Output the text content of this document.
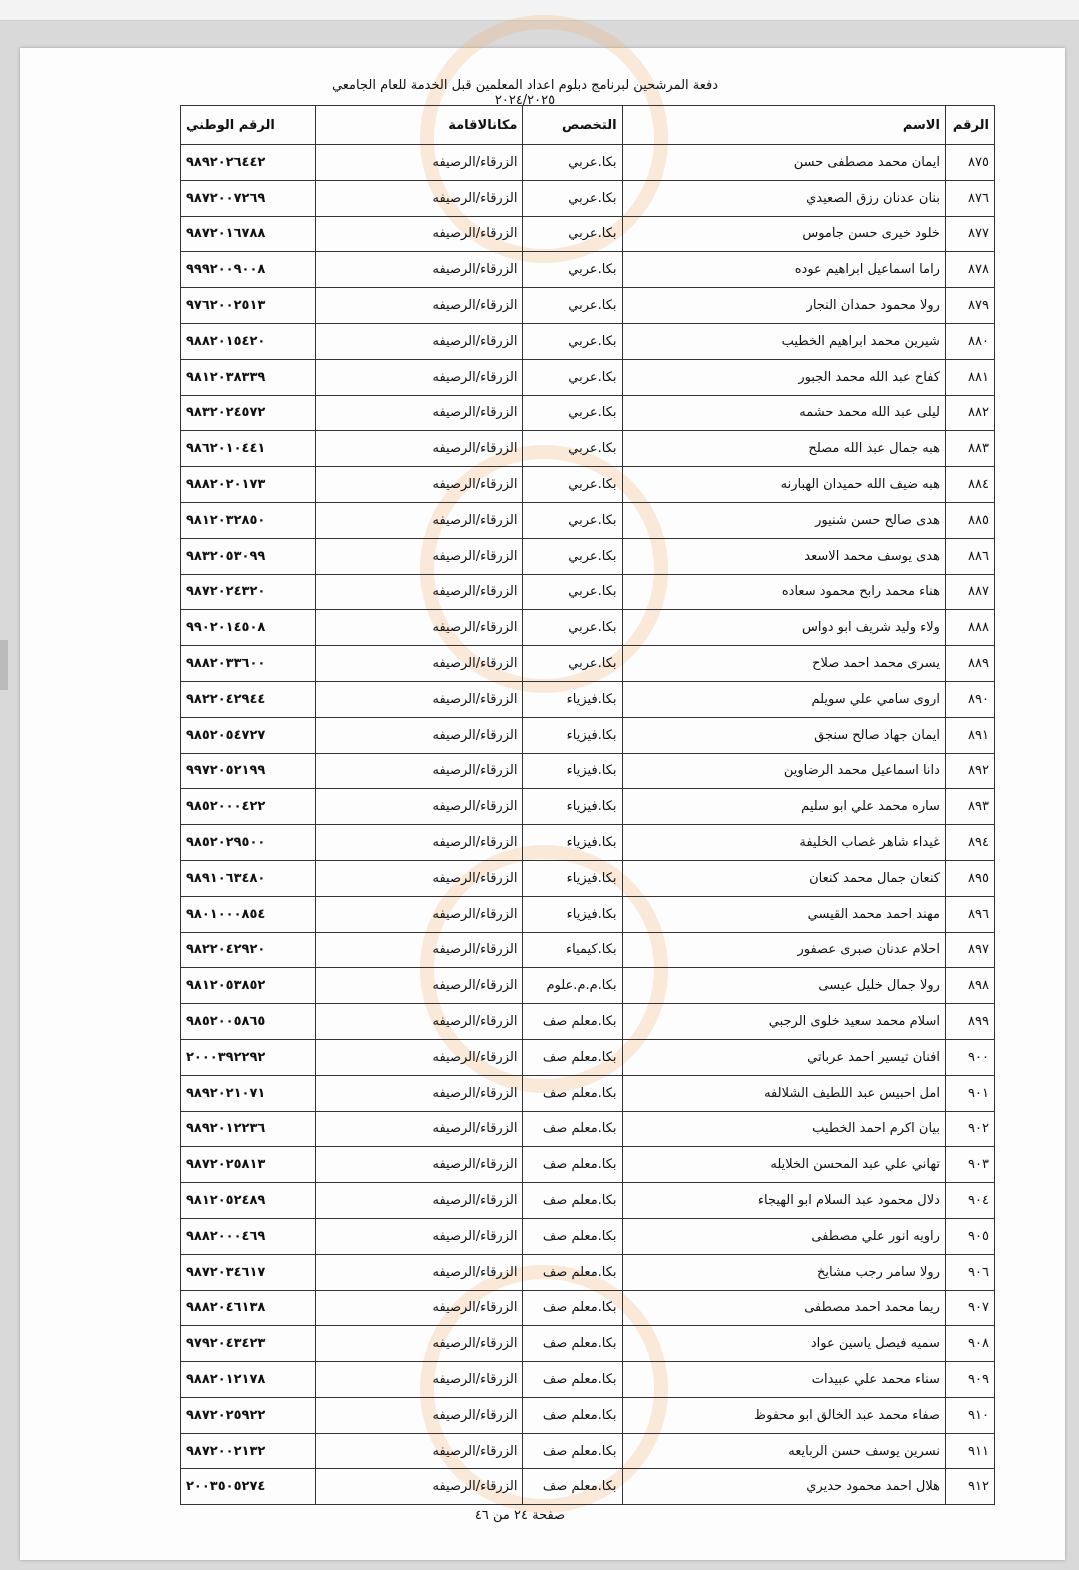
دفعة المرشحين لبرنامج دبلوم اعداد المعلمين قبل الخدمة للعام الجامعي ٢٠٢٤/٢٠٢٥
الرقم	الاسم	التخصص	مكانالاقامة	الرقم الوطني
٨٧٥	ايمان محمد مصطفى حسن	بكا.عربي	الزرقاء/الرصيفه	٩٨٩٢٠٢٦٤٤٢
٨٧٦	بنان عدنان رزق الصعيدي	بكا.عربي	الزرقاء/الرصيفه	٩٨٧٢٠٠٧٢٦٩
٨٧٧	خلود خيرى حسن جاموس	بكا.عربي	الزرقاء/الرصيفه	٩٨٧٢٠١٦٧٨٨
٨٧٨	راما اسماعيل ابراهيم عوده	بكا.عربي	الزرقاء/الرصيفه	٩٩٩٢٠٠٩٠٠٨
٨٧٩	رولا محمود حمدان النجار	بكا.عربي	الزرقاء/الرصيفه	٩٧٦٢٠٠٢٥١٣
٨٨٠	شيرين محمد ابراهيم الخطيب	بكا.عربي	الزرقاء/الرصيفه	٩٨٨٢٠١٥٤٢٠
٨٨١	كفاح عبد الله محمد الجبور	بكا.عربي	الزرقاء/الرصيفه	٩٨١٢٠٣٨٣٣٩
٨٨٢	ليلى عبد الله محمد حشمه	بكا.عربي	الزرقاء/الرصيفه	٩٨٣٢٠٢٤٥٧٢
٨٨٣	هبه جمال عبد الله مصلح	بكا.عربي	الزرقاء/الرصيفه	٩٨٦٢٠١٠٤٤١
٨٨٤	هبه ضيف الله حميدان الهبارنه	بكا.عربي	الزرقاء/الرصيفه	٩٨٨٢٠٢٠١٧٣
٨٨٥	هدى صالح حسن شنيور	بكا.عربي	الزرقاء/الرصيفه	٩٨١٢٠٣٢٨٥٠
٨٨٦	هدى يوسف محمد الاسعد	بكا.عربي	الزرقاء/الرصيفه	٩٨٣٢٠٥٣٠٩٩
٨٨٧	هناء محمد رابح محمود سعاده	بكا.عربي	الزرقاء/الرصيفه	٩٨٧٢٠٢٤٣٢٠
٨٨٨	ولاء وليد شريف ابو دواس	بكا.عربي	الزرقاء/الرصيفه	٩٩٠٢٠١٤٥٠٨
٨٨٩	يسرى محمد احمد صلاح	بكا.عربي	الزرقاء/الرصيفه	٩٨٨٢٠٣٣٦٠٠
٨٩٠	اروى سامي علي سويلم	بكا.فيزياء	الزرقاء/الرصيفه	٩٨٢٢٠٤٢٩٤٤
٨٩١	ايمان جهاد صالح سنجق	بكا.فيزياء	الزرقاء/الرصيفه	٩٨٥٢٠٥٤٧٢٧
٨٩٢	دانا اسماعيل محمد الرضاوين	بكا.فيزياء	الزرقاء/الرصيفه	٩٩٧٢٠٥٢١٩٩
٨٩٣	ساره محمد علي ابو سليم	بكا.فيزياء	الزرقاء/الرصيفه	٩٨٥٢٠٠٠٤٢٢
٨٩٤	غيداء شاهر غصاب الخليفة	بكا.فيزياء	الزرقاء/الرصيفه	٩٨٥٢٠٢٩٥٠٠
٨٩٥	كنعان جمال محمد كنعان	بكا.فيزياء	الزرقاء/الرصيفه	٩٨٩١٠٦٣٤٨٠
٨٩٦	مهند احمد محمد القيسي	بكا.فيزياء	الزرقاء/الرصيفه	٩٨٠١٠٠٠٨٥٤
٨٩٧	احلام عدنان صبرى عصفور	بكا.كيمياء	الزرقاء/الرصيفه	٩٨٢٢٠٤٢٩٢٠
٨٩٨	رولا جمال خليل عيسى	بكا.م.م.علوم	الزرقاء/الرصيفه	٩٨١٢٠٥٣٨٥٢
٨٩٩	اسلام محمد سعيد خلوى الرجبي	بكا.معلم صف	الزرقاء/الرصيفه	٩٨٥٢٠٠٥٨٦٥
٩٠٠	افنان تيسير احمد عرباتي	بكا.معلم صف	الزرقاء/الرصيفه	٢٠٠٠٣٩٢٢٩٢
٩٠١	امل احبيس عبد اللطيف الشلالفه	بكا.معلم صف	الزرقاء/الرصيفه	٩٨٩٢٠٢١٠٧١
٩٠٢	بيان اكرم احمد الخطيب	بكا.معلم صف	الزرقاء/الرصيفه	٩٨٩٢٠١٢٢٣٦
٩٠٣	تهاني علي عبد المحسن الخلايله	بكا.معلم صف	الزرقاء/الرصيفه	٩٨٧٢٠٢٥٨١٣
٩٠٤	دلال محمود عبد السلام ابو الهيجاء	بكا.معلم صف	الزرقاء/الرصيفه	٩٨١٢٠٥٢٤٨٩
٩٠٥	راويه انور علي مصطفى	بكا.معلم صف	الزرقاء/الرصيفه	٩٨٨٢٠٠٠٤٦٩
٩٠٦	رولا سامر رجب مشايخ	بكا.معلم صف	الزرقاء/الرصيفه	٩٨٧٢٠٣٤٦١٧
٩٠٧	ريما محمد احمد مصطفى	بكا.معلم صف	الزرقاء/الرصيفه	٩٨٨٢٠٤٦١٣٨
٩٠٨	سميه فيصل ياسين عواد	بكا.معلم صف	الزرقاء/الرصيفه	٩٧٩٢٠٤٣٤٢٣
٩٠٩	سناء محمد علي عبيدات	بكا.معلم صف	الزرقاء/الرصيفه	٩٨٨٢٠١٢١٧٨
٩١٠	صفاء محمد عبد الخالق ابو محفوظ	بكا.معلم صف	الزرقاء/الرصيفه	٩٨٧٢٠٢٥٩٢٢
٩١١	نسرين يوسف حسن الربايعه	بكا.معلم صف	الزرقاء/الرصيفه	٩٨٧٢٠٠٢١٣٢
٩١٢	هلال احمد محمود حديري	بكا.معلم صف	الزرقاء/الرصيفه	٢٠٠٣٥٠٥٢٧٤
صفحة ٢٤ من ٤٦
